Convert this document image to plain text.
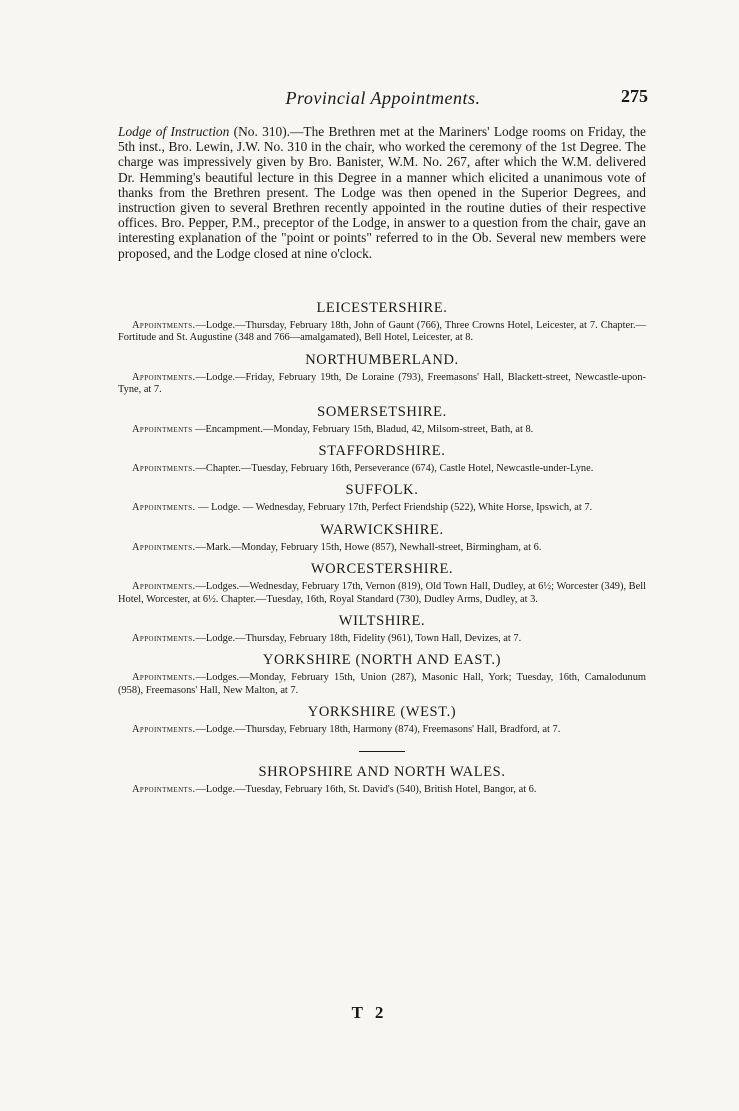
Provincial Appointments.	275

Lodge of Instruction (No. 310).—The Brethren met at the Mariners' Lodge rooms on Friday, the 5th inst., Bro. Lewin, J.W. No. 310 in the chair, who worked the ceremony of the 1st Degree. The charge was impressively given by Bro. Banister, W.M. No. 267, after which the W.M. delivered Dr. Hemming's beautiful lecture in this Degree in a manner which elicited a unanimous vote of thanks from the Brethren present. The Lodge was then opened in the Superior Degrees, and instruction given to several Brethren recently appointed in the routine duties of their respective offices. Bro. Pepper, P.M., preceptor of the Lodge, in answer to a question from the chair, gave an interesting explanation of the "point or points" referred to in the Ob. Several new members were proposed, and the Lodge closed at nine o'clock.

LEICESTERSHIRE.
Appointments.—Lodge.—Thursday, February 18th, John of Gaunt (766), Three Crowns Hotel, Leicester, at 7. Chapter.—Fortitude and St. Augustine (348 and 766—amalgamated), Bell Hotel, Leicester, at 8.
NORTHUMBERLAND.
Appointments.—Lodge.—Friday, February 19th, De Loraine (793), Freemasons' Hall, Blackett-street, Newcastle-upon-Tyne, at 7.
SOMERSETSHIRE.
Appointments —Encampment.—Monday, February 15th, Bladud, 42, Milsom-street, Bath, at 8.
STAFFORDSHIRE.
Appointments.—Chapter.—Tuesday, February 16th, Perseverance (674), Castle Hotel, Newcastle-under-Lyne.
SUFFOLK.
Appointments. — Lodge. — Wednesday, February 17th, Perfect Friendship (522), White Horse, Ipswich, at 7.
WARWICKSHIRE.
Appointments.—Mark.—Monday, February 15th, Howe (857), Newhall-street, Birmingham, at 6.
WORCESTERSHIRE.
Appointments.—Lodges.—Wednesday, February 17th, Vernon (819), Old Town Hall, Dudley, at 6½; Worcester (349), Bell Hotel, Worcester, at 6½. Chapter.—Tuesday, 16th, Royal Standard (730), Dudley Arms, Dudley, at 3.
WILTSHIRE.
Appointments.—Lodge.—Thursday, February 18th, Fidelity (961), Town Hall, Devizes, at 7.
YORKSHIRE (NORTH AND EAST.)
Appointments.—Lodges.—Monday, February 15th, Union (287), Masonic Hall, York; Tuesday, 16th, Camalodunum (958), Freemasons' Hall, New Malton, at 7.
YORKSHIRE (WEST.)
Appointments.—Lodge.—Thursday, February 18th, Harmony (874), Freemasons' Hall, Bradford, at 7.
SHROPSHIRE AND NORTH WALES.
Appointments.—Lodge.—Tuesday, February 16th, St. David's (540), British Hotel, Bangor, at 6.
T 2
